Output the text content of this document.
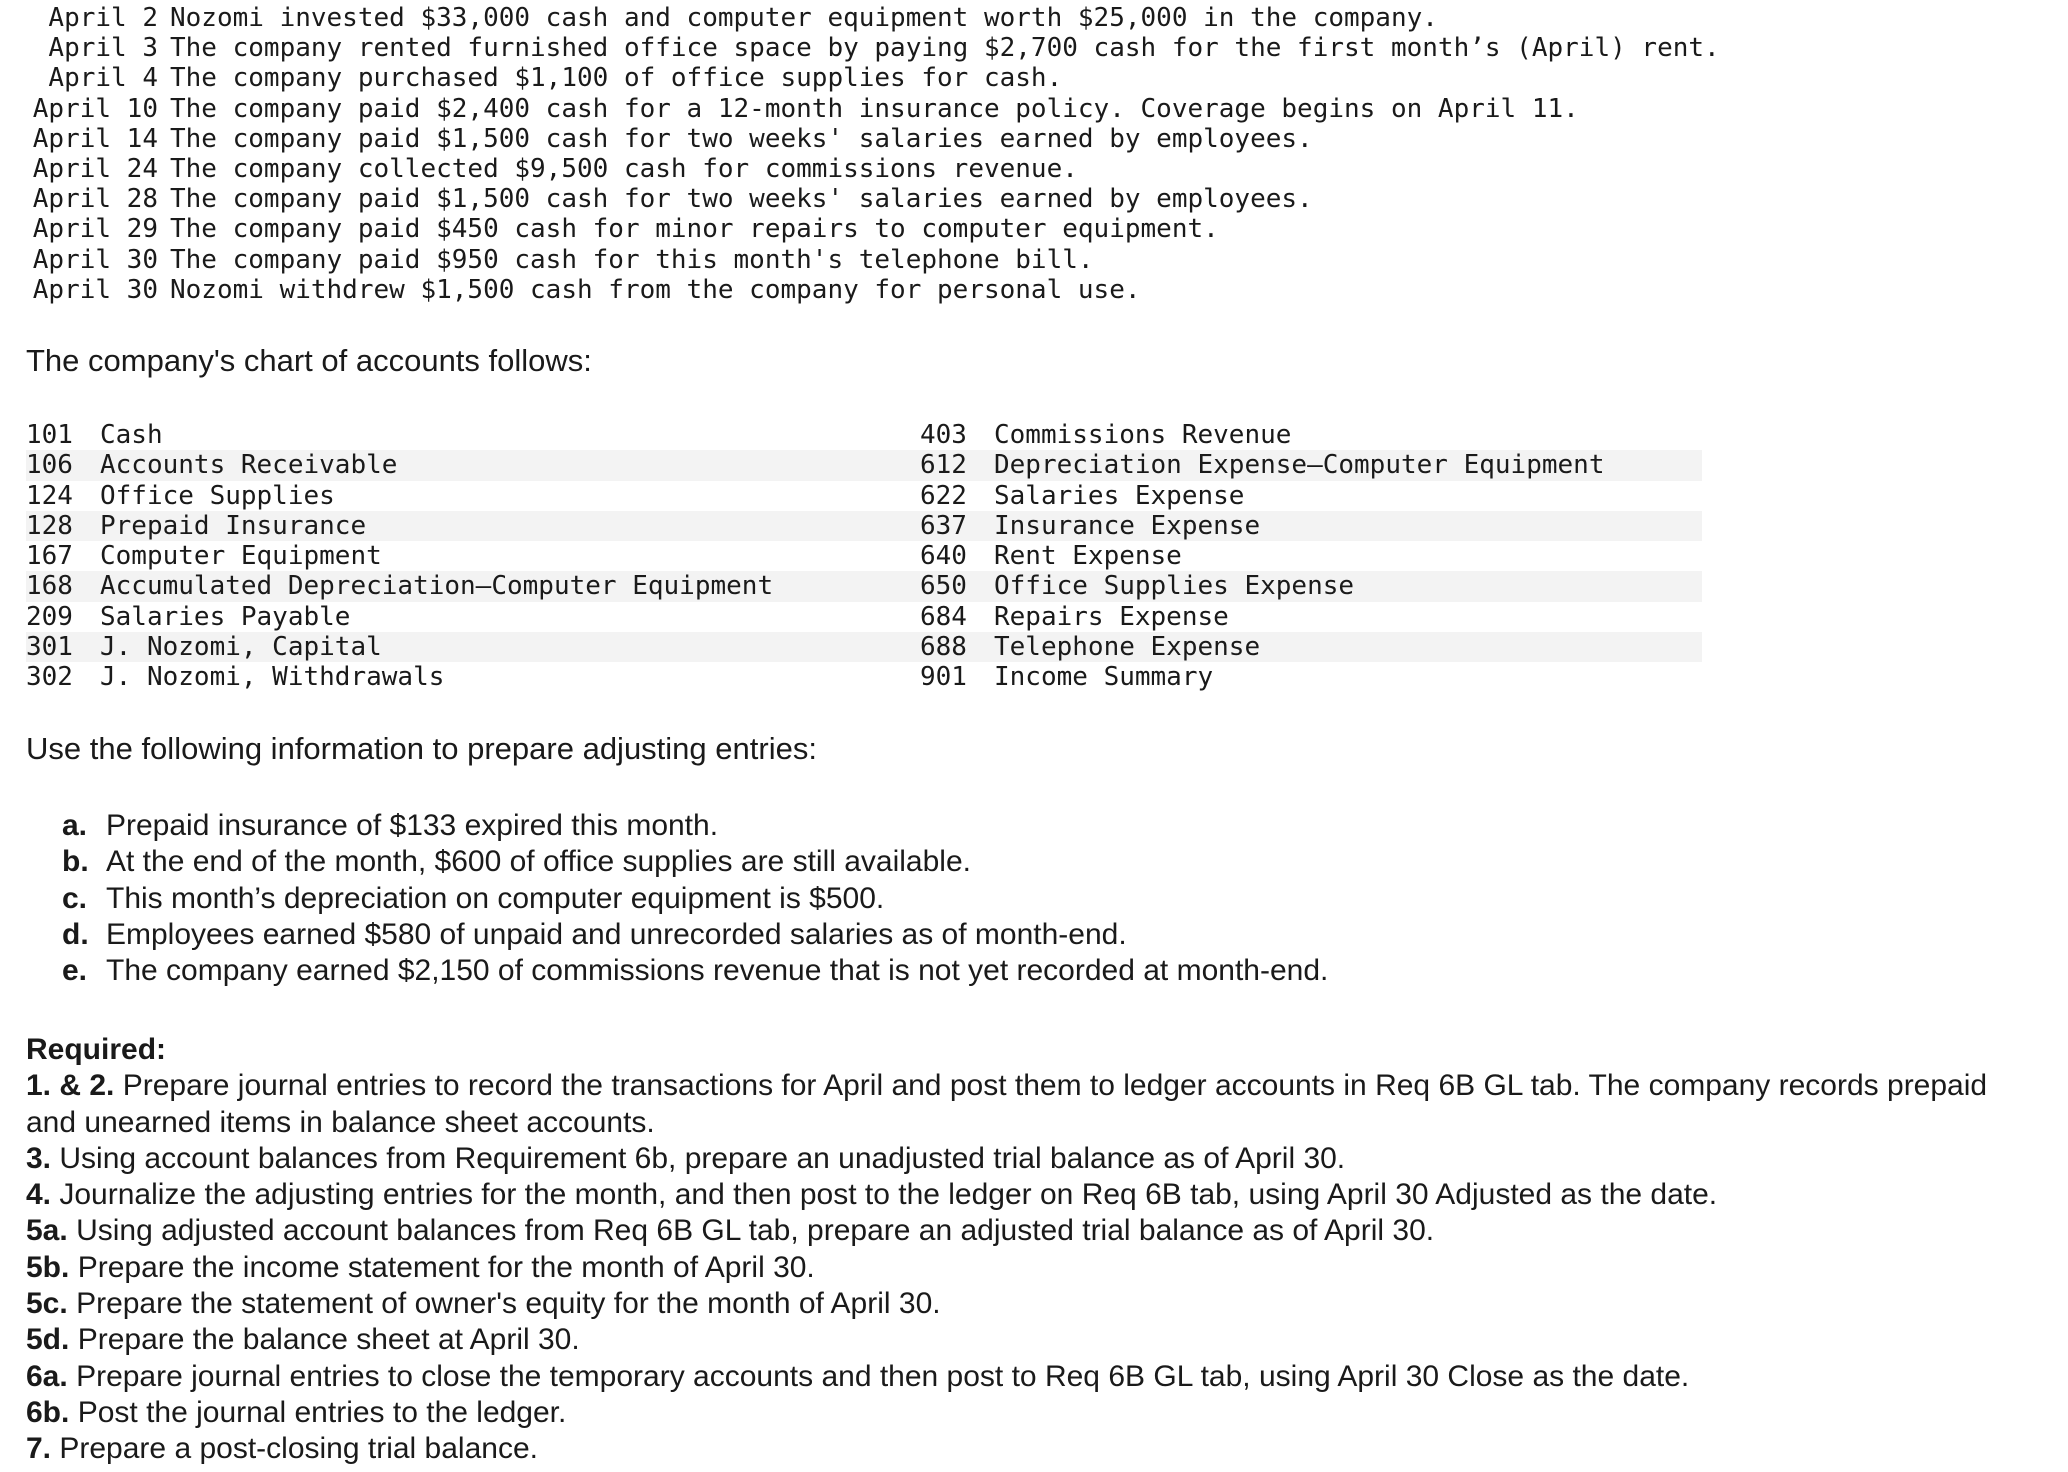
April 2 Nozomi invested $33,000 cash and computer equipment worth $25,000 in the company.
April 3 The company rented furnished office space by paying $2,700 cash for the first month’s (April) rent.
April 4 The company purchased $1,100 of office supplies for cash.
April 10 The company paid $2,400 cash for a 12-month insurance policy. Coverage begins on April 11.
April 14 The company paid $1,500 cash for two weeks' salaries earned by employees.
April 24 The company collected $9,500 cash for commissions revenue.
April 28 The company paid $1,500 cash for two weeks' salaries earned by employees.
April 29 The company paid $450 cash for minor repairs to computer equipment.
April 30 The company paid $950 cash for this month's telephone bill.
April 30 Nozomi withdrew $1,500 cash from the company for personal use.
The company's chart of accounts follows:
101	Cash	403	Commissions Revenue
106	Accounts Receivable	612	Depreciation Expense—Computer Equipment
124	Office Supplies	622	Salaries Expense
128	Prepaid Insurance	637	Insurance Expense
167	Computer Equipment	640	Rent Expense
168	Accumulated Depreciation—Computer Equipment	650	Office Supplies Expense
209	Salaries Payable	684	Repairs Expense
301	J. Nozomi, Capital	688	Telephone Expense
302	J. Nozomi, Withdrawals	901	Income Summary
Use the following information to prepare adjusting entries:
a. Prepaid insurance of $133 expired this month.
b. At the end of the month, $600 of office supplies are still available.
c. This month’s depreciation on computer equipment is $500.
d. Employees earned $580 of unpaid and unrecorded salaries as of month-end.
e. The company earned $2,150 of commissions revenue that is not yet recorded at month-end.
Required:
1. & 2. Prepare journal entries to record the transactions for April and post them to ledger accounts in Req 6B GL tab. The company records prepaid and unearned items in balance sheet accounts.
3. Using account balances from Requirement 6b, prepare an unadjusted trial balance as of April 30.
4. Journalize the adjusting entries for the month, and then post to the ledger on Req 6B tab, using April 30 Adjusted as the date.
5a. Using adjusted account balances from Req 6B GL tab, prepare an adjusted trial balance as of April 30.
5b. Prepare the income statement for the month of April 30.
5c. Prepare the statement of owner's equity for the month of April 30.
5d. Prepare the balance sheet at April 30.
6a. Prepare journal entries to close the temporary accounts and then post to Req 6B GL tab, using April 30 Close as the date.
6b. Post the journal entries to the ledger.
7. Prepare a post-closing trial balance.
